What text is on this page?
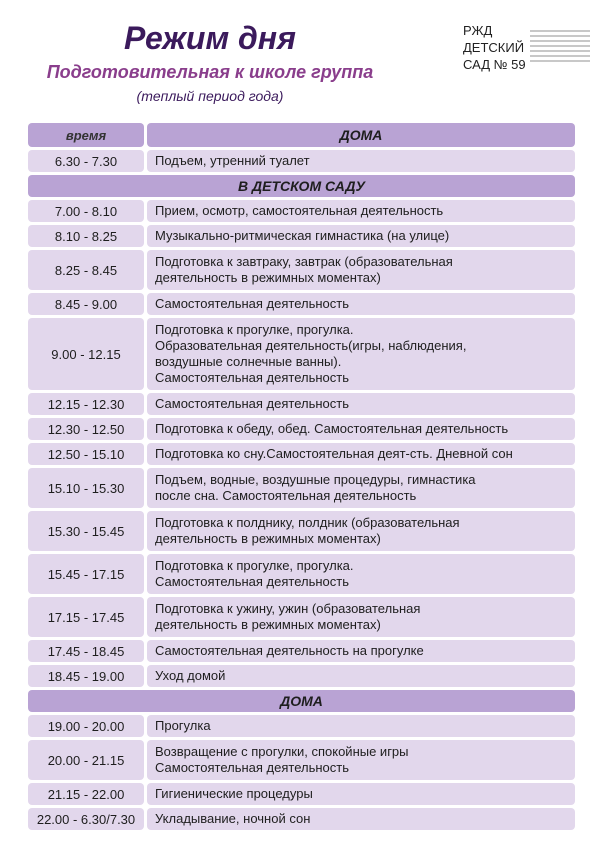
Режим дня
Подготовительная к школе группа
(теплый период года)
РЖД
ДЕТСКИЙ
САД № 59
время	ДОМА
6.30 - 7.30	Подъем, утренний туалет
В ДЕТСКОМ САДУ
7.00 - 8.10	Прием, осмотр, самостоятельная деятельность
8.10 - 8.25	Музыкально-ритмическая гимнастика (на улице)
8.25 - 8.45
Подготовка к завтраку, завтрак (образовательная
деятельность в режимных моментах)
8.45 - 9.00	Самостоятельная деятельность
9.00 - 12.15
Подготовка к прогулке, прогулка.
Образовательная деятельность(игры, наблюдения,
воздушные солнечные ванны).
Самостоятельная деятельность
12.15 - 12.30	Самостоятельная деятельность
12.30 - 12.50	Подготовка к обеду, обед. Самостоятельная деятельность
12.50 - 15.10	Подготовка ко сну.Самостоятельная деят-сть. Дневной сон
15.10 - 15.30
Подъем, водные, воздушные процедуры, гимнастика
после сна. Самостоятельная деятельность
15.30 - 15.45
Подготовка к полднику, полдник (образовательная
деятельность в режимных моментах)
15.45 - 17.15
Подготовка к прогулке, прогулка.
Самостоятельная деятельность
17.15 - 17.45
Подготовка к ужину, ужин (образовательная
деятельность в режимных моментах)
17.45 - 18.45	Самостоятельная деятельность на прогулке
18.45 - 19.00	Уход домой
ДОМА
19.00 - 20.00	Прогулка
20.00 - 21.15
Возвращение с прогулки, спокойные игры
Самостоятельная деятельность
21.15 - 22.00	Гигиенические процедуры
22.00 - 6.30/7.30	Укладывание, ночной сон
